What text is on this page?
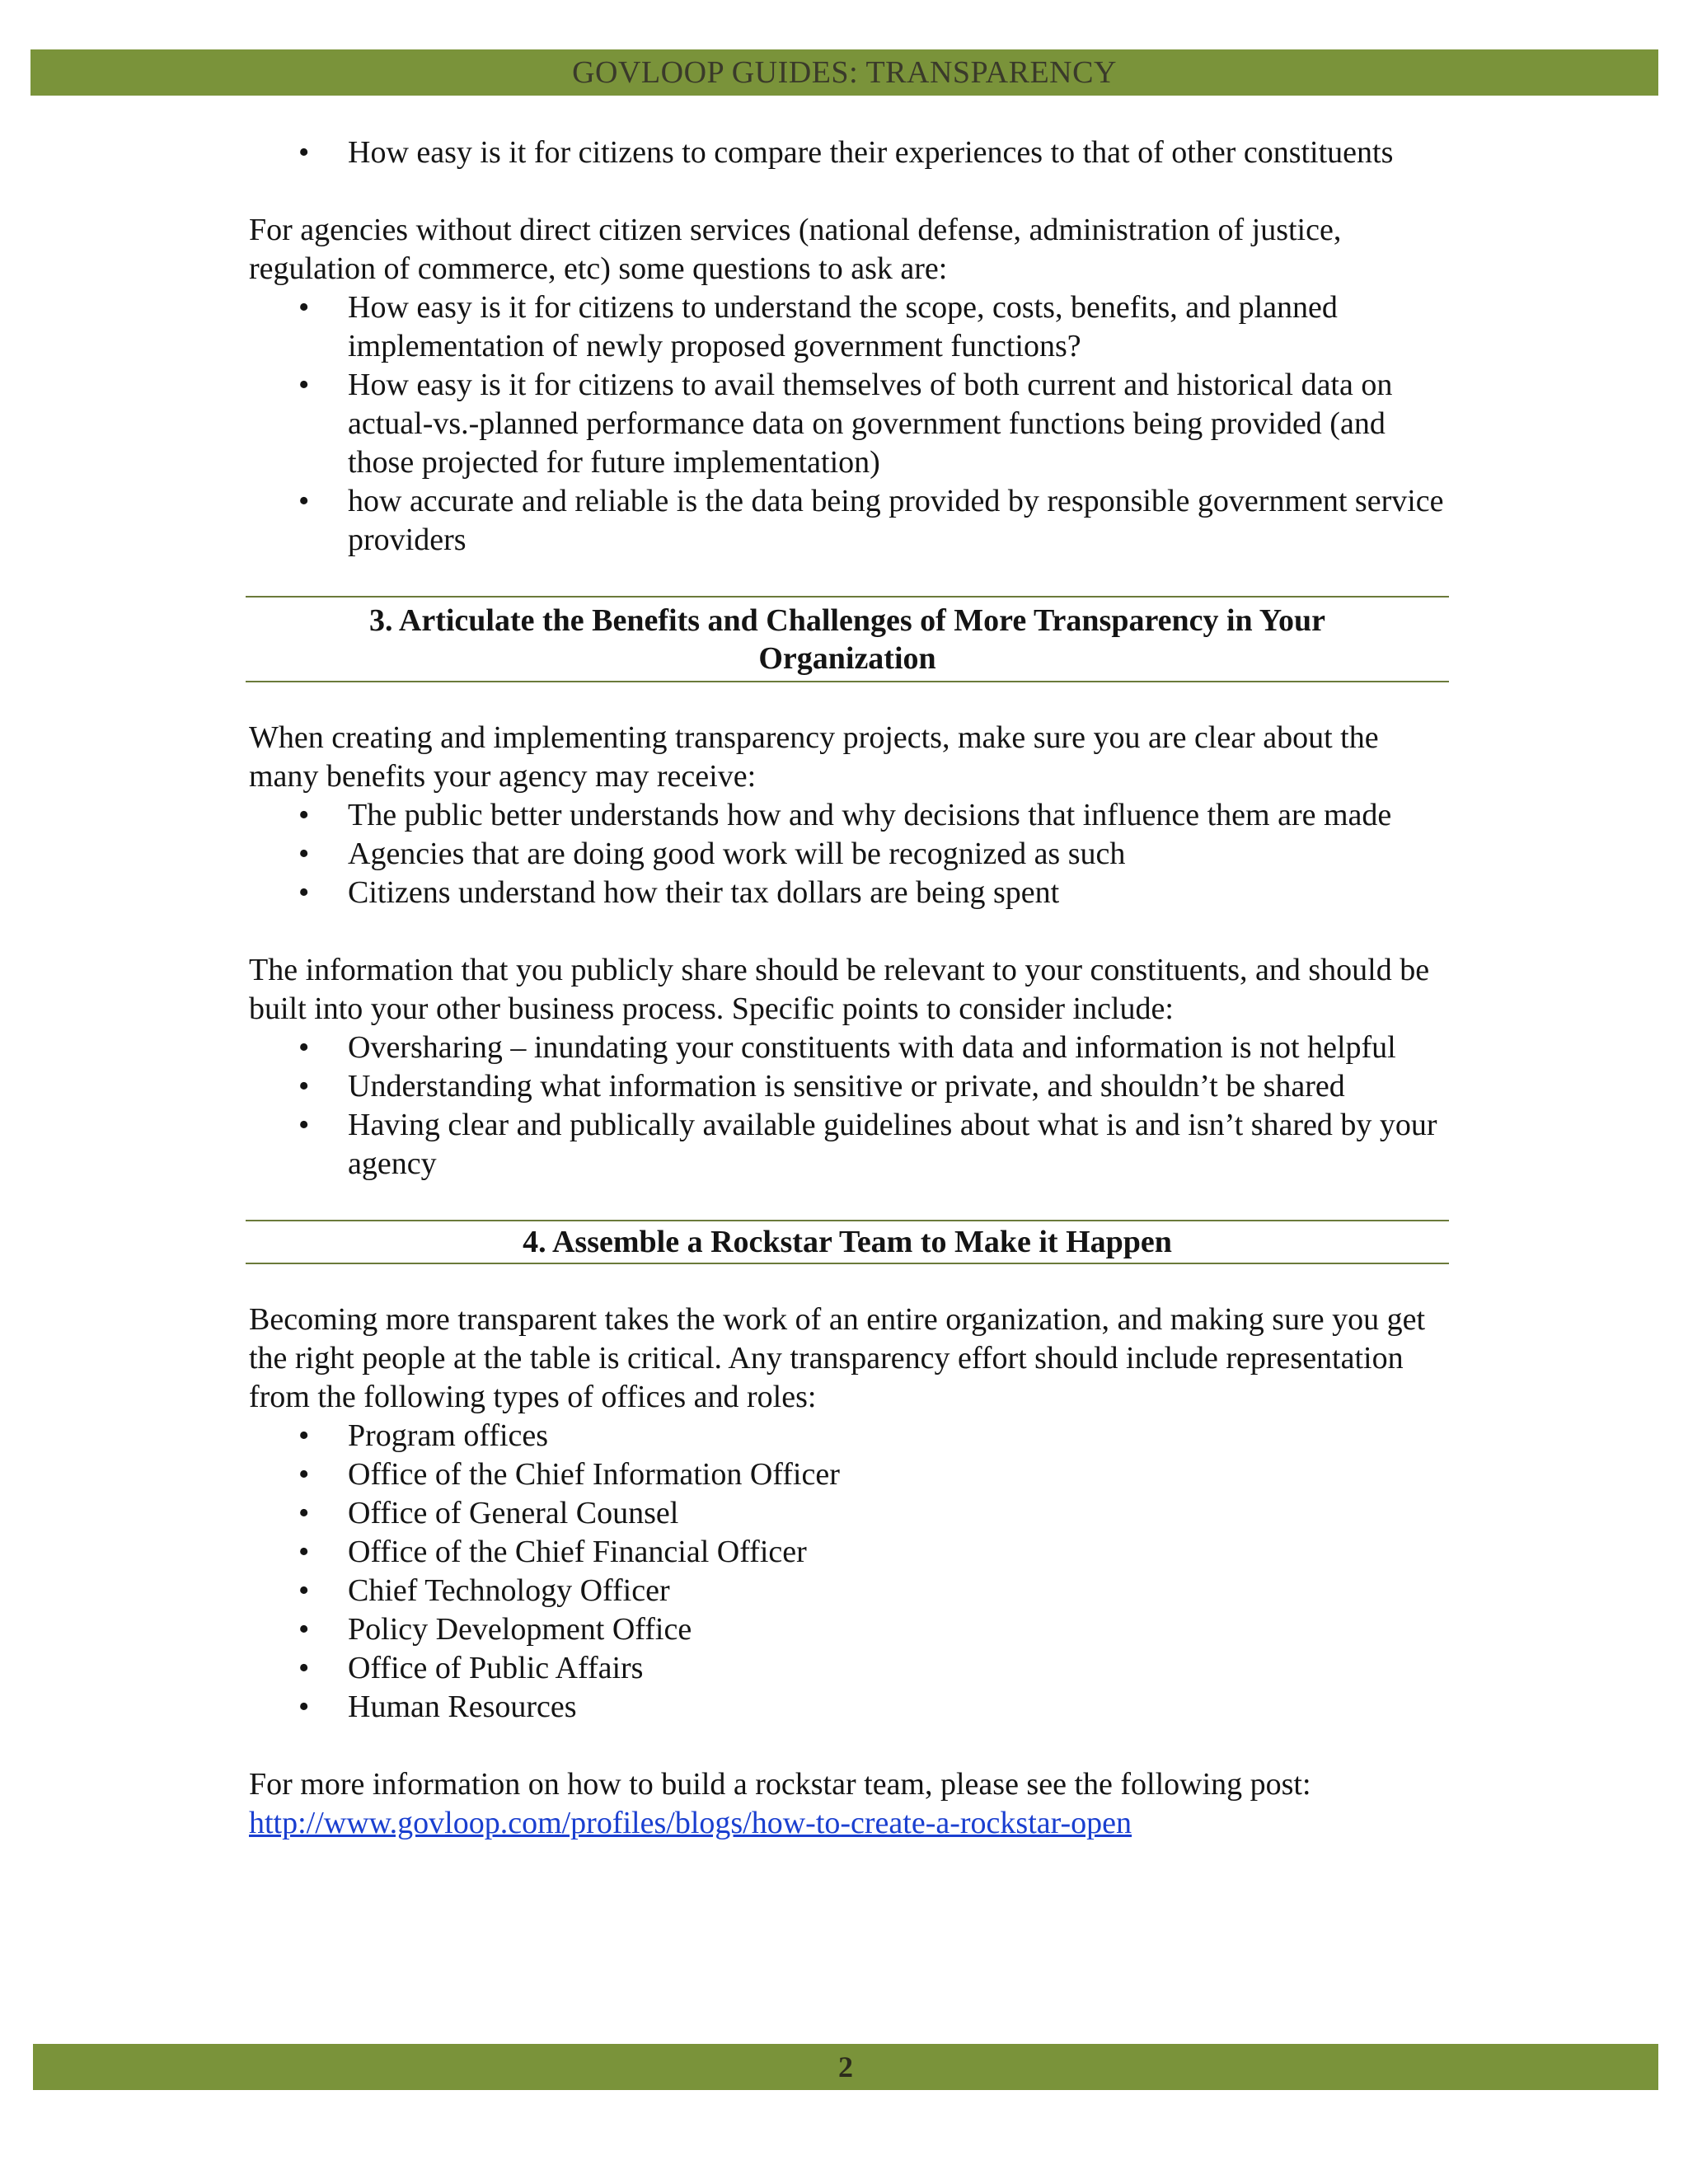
GOVLOOP GUIDES: TRANSPARENCY
• How easy is it for citizens to compare their experiences to that of other constituents

For agencies without direct citizen services (national defense, administration of justice, regulation of commerce, etc) some questions to ask are:

• How easy is it for citizens to understand the scope, costs, benefits, and planned implementation of newly proposed government functions?
• How easy is it for citizens to avail themselves of both current and historical data on actual-vs.-planned performance data on government functions being provided (and those projected for future implementation)
• how accurate and reliable is the data being provided by responsible government service providers
3. Articulate the Benefits and Challenges of More Transparency in Your
Organization

When creating and implementing transparency projects, make sure you are clear about the many benefits your agency may receive:

• The public better understands how and why decisions that influence them are made
• Agencies that are doing good work will be recognized as such
• Citizens understand how their tax dollars are being spent

The information that you publicly share should be relevant to your constituents, and should be built into your other business process. Specific points to consider include:

• Oversharing – inundating your constituents with data and information is not helpful
• Understanding what information is sensitive or private, and shouldn’t be shared
• Having clear and publically available guidelines about what is and isn’t shared by your agency
4. Assemble a Rockstar Team to Make it Happen

Becoming more transparent takes the work of an entire organization, and making sure you get the right people at the table is critical. Any transparency effort should include representation from the following types of offices and roles:

• Program offices
• Office of the Chief Information Officer
• Office of General Counsel
• Office of the Chief Financial Officer
• Chief Technology Officer
• Policy Development Office
• Office of Public Affairs
• Human Resources

For more information on how to build a rockstar team, please see the following post:

http://www.govloop.com/profiles/blogs/how-to-create-a-rockstar-open

2
